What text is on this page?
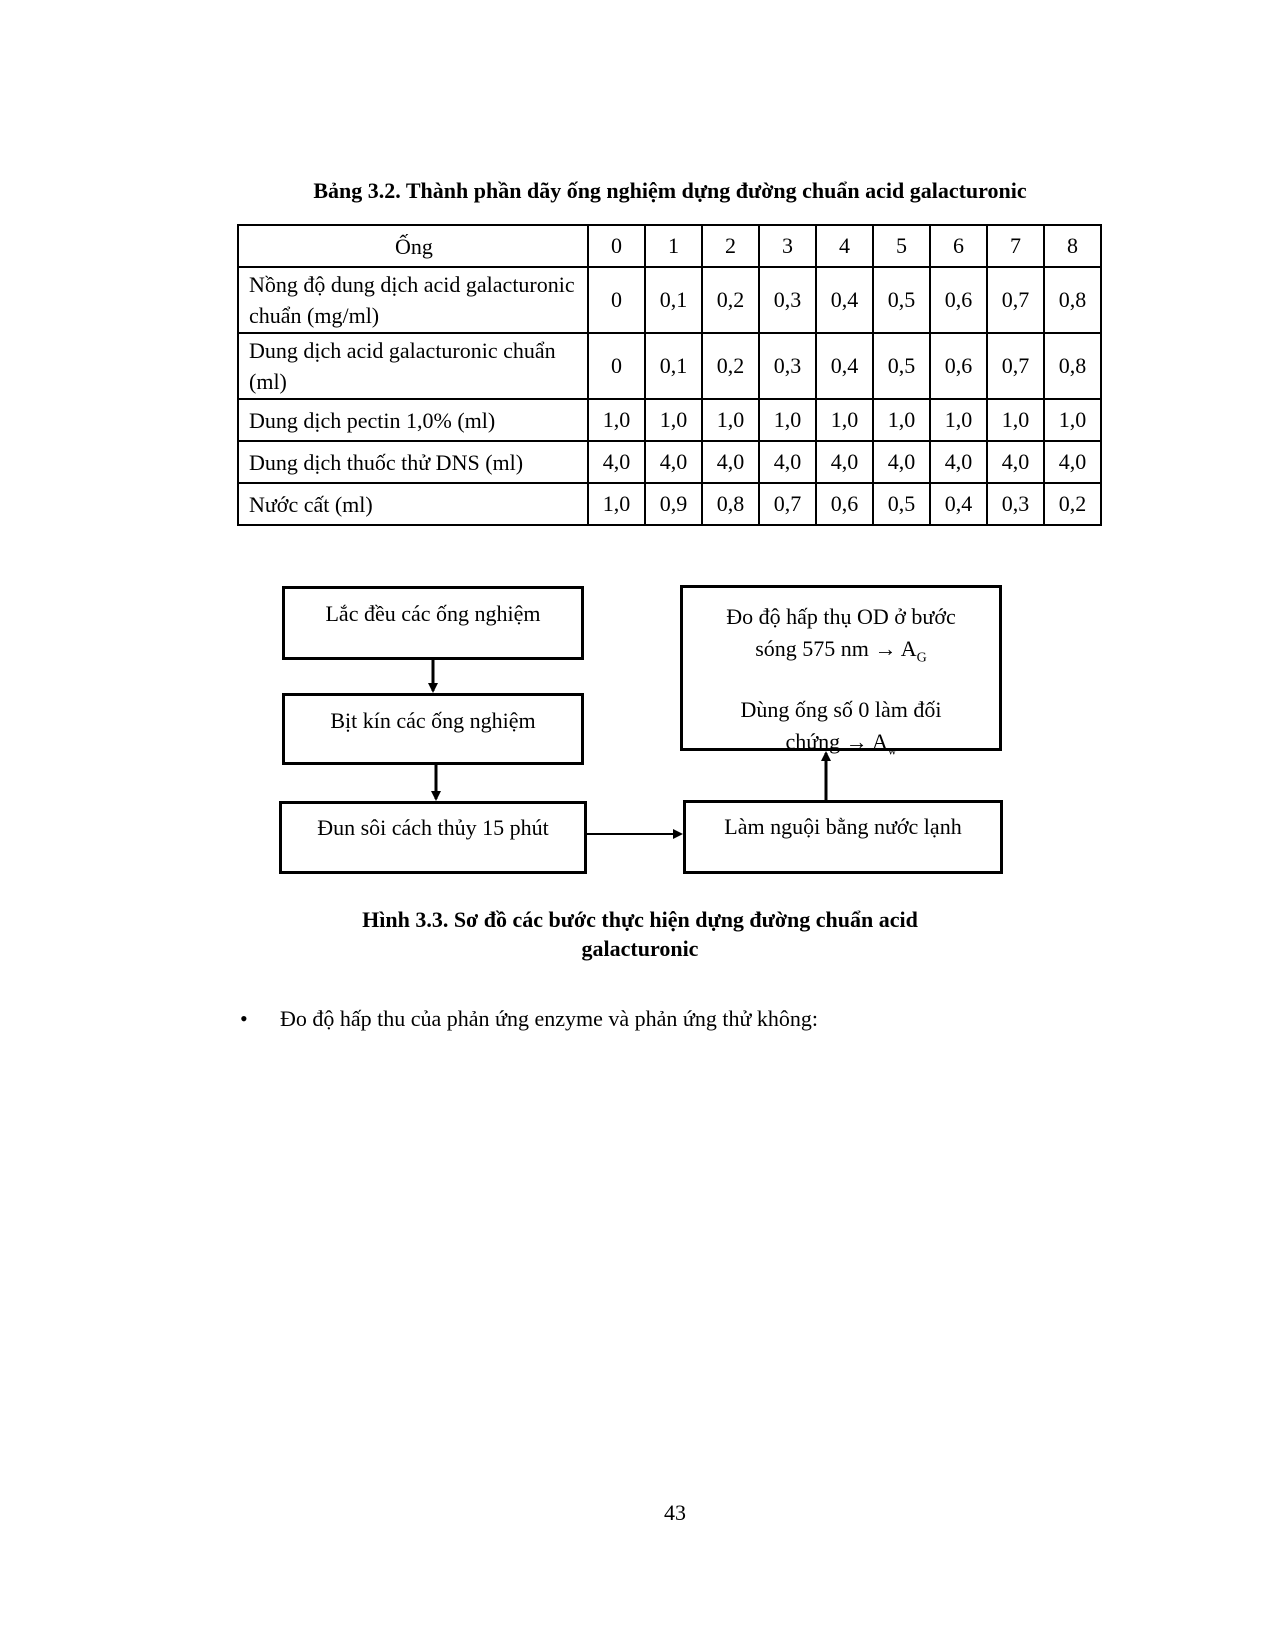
Bảng 3.2. Thành phần dãy ống nghiệm dựng đường chuẩn acid galacturonic
Ống	0	1	2	3	4	5	6	7	8
Nồng độ dung dịch acid galacturonic chuẩn (mg/ml)	0	0,1	0,2	0,3	0,4	0,5	0,6	0,7	0,8
Dung dịch acid galacturonic chuẩn (ml)	0	0,1	0,2	0,3	0,4	0,5	0,6	0,7	0,8
Dung dịch pectin 1,0% (ml)	1,0	1,0	1,0	1,0	1,0	1,0	1,0	1,0	1,0
Dung dịch thuốc thử DNS (ml)	4,0	4,0	4,0	4,0	4,0	4,0	4,0	4,0	4,0
Nước cất (ml)	1,0	0,9	0,8	0,7	0,6	0,5	0,4	0,3	0,2
Lắc đều các ống nghiệm
Bịt kín các ống nghiệm
Đun sôi cách thủy 15 phút	Làm nguội bằng nước lạnh
Đo độ hấp thụ OD ở bước
sóng 575 nm → $A_G$
Dùng ống số 0 làm đối
chứng → $A_w$
Hình 3.3. Sơ đồ các bước thực hiện dựng đường chuẩn acid
galacturonic
• Đo độ hấp thu của phản ứng enzyme và phản ứng thử không:
43
